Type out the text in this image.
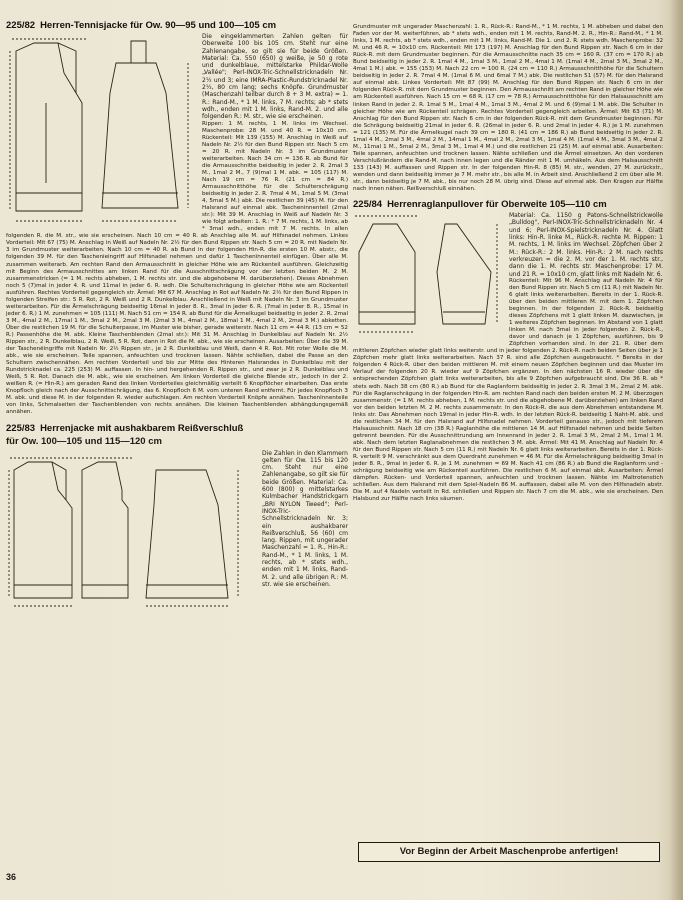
225/82 Herren-Tennisjacke für Ow. 90—95 und 100—105 cm
Die eingeklammerten Zahlen gelten für Oberweite 100 bis 105 cm. Steht nur eine Zahlenangabe, so gilt sie für beide Größen. Material: Ca. 550 (650) g weiße, je 50 g rote und dunkelblaue, mittelstarke Phildar-Wolle „Vallée"; Perl-INOX-Tric-Schnellstricknadeln Nr. 2½ und 3; eine IMRA-Plastic-Rundstricknadel Nr. 2½, 80 cm lang; sechs Knöpfe. Grundmuster (Maschenzahl teilbar durch 8 + 3 M. extra) = 1. R.: Rand-M., * 1 M. links, 7 M. rechts; ab * stets wdh., enden mit 1 M. links, Rand-M. 2. und alle folgenden R.: M. str., wie sie erscheinen.

Rippen: 1 M. rechts, 1 M. links im Wechsel. Maschenprobe: 28 M. und 40 R. = 10x10 cm. Rückenteil: Mit 139 (155) M. Anschlag in Weiß auf Nadeln Nr. 2½ für den Bund Rippen str. Nach 5 cm = 20 R. mit Nadeln Nr. 3 im Grundmuster weiterarbeiten. Nach 34 cm = 136 R. ab Bund für die Armausschnitte beidseitig in jeder 2. R. 2mal 3 M., 1mal 2 M., 7 (9)mal 1 M. abk. = 105 (117) M. Nach 19 cm = 76 R. (21 cm = 84 R.) Armausschnitthöhe für die Schulterschrägung beidseitig in jeder 2. R. 7mal 4 M., 1mal 5 M. (3mal 4, 5mal 5 M.) abk. Die restlichen 39 (45) M. für den Halsrand auf einmal abk. Tascheninnenteil (2mal str.): Mit 39 M. Anschlag in Weiß auf Nadeln Nr. 3 wie folgt arbeiten: 1. R.: * 7 M. rechts, 1 M. links, ab * 3mal wdh., enden mit 7 M. rechts. In allen folgenden R. die M. str., wie sie erscheinen. Nach 10 cm = 40 R. ab Anschlag alle M. auf Hilfsnadel nehmen. Linkes Vorderteil: Mit 67 (75) M. Anschlag in Weiß auf Nadeln Nr. 2½ für den Bund Rippen str. Nach 5 cm = 20 R. mit Nadeln Nr. 3 im Grundmuster weiterarbeiten. Nach 10 cm = 40 R. ab Bund in der folgenden Hin-R. die ersten 10 M. abstr., die folgenden 39 M. für den Taschenieingriff auf Hilfsnadel nehmen und dafür 1 Taschenïnnenteil einfügen. Über alle M. zusammen weiterarb. Am rechten Rand den Armausschnitt in gleicher Höhe wie am Rückenteil ausführen. Gleichzeitig mit Beginn des Armausschnittes am linken Rand für die Ausschnittschrägung vor der letzten beiden M. 2 M. zusammenstricken (= 1 M. rechts abheben, 1 M. rechts str. und die abgehobene M. darüberziehen). Dieses Abnehmen noch 5 (7)mal in jeder 4. R. und 11mal in jeder 6. R. wdh. Die Schulterschrägung in gleicher Höhe wie am Rückenteil ausführen. Rechtes Vorderteil gegengleich str. Ärmel: Mit 67 M. Anschlag in Rot auf Nadeln Nr. 2½ für den Bund Rippen in folgenden Streifen str.: 5 R. Rot, 2 R. Weiß und 2 R. Dunkelblau. Anschließend in Weiß mit Nadeln Nr. 3 im Grundmuster weiterarbeiten. Für die Ärmelschrägung beidseitig 16mal in jeder 8. R., 3mal in jeder 6. R. (7mal in jeder 8. R., 15mal in jeder 6. R.) 1 M. zunehmen = 105 (111) M. Nach 51 cm = 154 R. ab Bund für die Ärmelkugel beidseitig in jeder 2. R. 2mal 3 M., 4mal 2 M., 17mal 1 M., 3mal 2 M., 2mal 3 M. (2mal 3 M., 4mal 2 M., 18mal 1 M., 4mal 2 M., 2mal 3 M.) abketten. Über die restlichen 19 M. für die Schulterpasse, im Muster wie bisher, gerade weiterstr. Nach 11 cm = 44 R. (13 cm = 52 R.) Passenhöhe die M. abk. Kleine Taschenblenden (2mal str.): Mit 31 M. Anschlag in Dunkelblau auf Nadeln Nr. 2½ Rippen str., 2 R. Dunkelblau, 2 R. Weiß, 5 R. Rot, dann in Rot die M. abk., wie sie erscheinen. Ausarbeiten: Über die 39 M. der Taschenëingriffe mit Nadeln Nr. 2½ Rippen str., je 2 R. Dunkelblau und Weiß, dann 4 R. Rot. Mit roter Wolle die M. abk., wie sie erscheinen. Teile spannen, anfeuchten und trocknen lassen. Nähte schließen, dabei die Passe an den Schultern zwischennähen. Am rechten Vorderteil und bis zur Mitte des Hinteren Halsrandes in Dunkelblau mit der Rundstricknadel ca. 225 (253) M. auffassen. In hin- und hergehenden R. Rippen str., und zwar je 2 R. Dunkelblau und Weiß, 5 R. Rot. Danach die M. abk., wie sie erscheinen. Am linken Vorderteil die gleiche Blende str., jedoch in der 2. weißen R. (= Hin-R.) am geraden Rand des linken Vorderteiles gleichmäßig verteilt 6 Knopflöcher einarbeiten. Das erste Knopfloch gleich nach der Ausschnittschrägung, das 6. Knopfloch 6 M. vom unteren Rand entfernt. Für jedes Knopfloch 3 M. abk. und diese M. in der folgenden R. wieder aufschlagen. Am rechten Vorderteil Knöpfe annähen. Taschenïnnenteile von links, Schmalseiten der Taschenblenden von rechts annähen. Die kleinen Taschenblenden abhängdungsgemäß annähen.

225/83 Herrenjacke mit aushakbarem Reißverschluß
für Ow. 100—105 und 115—120 cm
Die Zahlen in den Klammern gelten für Ow. 115 bis 120 cm. Steht nur eine Zahlenangabe, so gilt sie für beide Größen. Material: Ca. 600 (800) g mittelstarkes Kulmbacher Handstrickgarn „BRI NYLON Tweed"; Perl-INOX-Tric-Schnellstricknadeln Nr. 3; ein aushakbarer Reißverschluß, 56 (60) cm lang. Rippen, mit ungerader Maschenzahl = 1. R., Hin-R.: Rand-M., * 1 M. links, 1 M. rechts, ab * stets wdh., enden mit 1 M. links, Rand-M. 2. und alle übrigen R.: M. str. wie sie erscheinen.

Grundmuster mit ungerader Maschenzahl: 1. R., Rück-R.: Rand-M., * 1 M. rechts, 1 M. abheben und dabei den Faden vor der M. weiterführen, ab * stets wdh., enden mit 1 M. rechts, Rand-M. 2. R., Hin-R.: Rand-M., * 1 M. links, 1 M. rechts, ab * stets wdh., enden mit 1 M. links, Rand-M. Die 1. und 2. R. stets wdh. Maschenprobe: 32 M. und 46 R. = 10x10 cm. Rückenteil: Mit 173 (197) M. Anschlag für den Bund Rippen str. Nach 6 cm in der Rück-R. mit dem Grundmuster beginnen. Für die Armausschnitte nach 35 cm = 160 R. (37 cm = 170 R.) ab Bund beidseitig in jeder 2. R. 1mal 4 M., 1mal 3 M., 1mal 2 M., 4mal 1 M. (1mal 4 M., 2mal 3 M., 3mal 2 M., 4mal 1 M.) abk. = 155 (153) M. Nach 22 cm = 100 R. (24 cm = 110 R.) Armausschnitthöhe für die Schultern beidseitig in jeder 2. R. 7mal 4 M. (1mal 6 M. und 6mal 7 M.) abk. Die restlichen 51 (57) M. für den Halsrand auf einmal abk. Linkes Vorderteil: Mit 87 (99) M. Anschlag für den Bund Rippen str. Nach 6 cm in der folgenden Rück-R. mit dem Grundmuster beginnen. Den Armausschnitt am rechten Rand in gleicher Höhe wie am Rückenteil ausführen. Nach 15 cm = 68 R. (17 cm = 78 R.) Armausschnitthöhe für den Halsausschnitt am linken Rand in jeder 2. R. 1mal 5 M., 1mal 4 M., 1mal 3 M., 4mal 2 M. und 6 (9)mal 1 M. abk. Die Schulter in gleicher Höhe wie am Rückenteil schrägen. Rechtes Vorderteil gegengleich arbeiten. Ärmel: Mit 63 (71) M. Anschlag für den Bund Rippen str. Nach 6 cm in der folgenden Rück-R. mit dem Grundmuster beginnen. Für die Schrägung beidseitig 21mal in jeder 6. R. (26mal in jeder 6. R. und 2mal in jeder 4. R.) je 1 M. zunehmen = 121 (135) M. Für die Ärmelkugel nach 39 cm = 180 R. (41 cm = 186 R.) ab Bund beidseitig in jeder 2. R. 1mal 4 M., 2mal 3 M., 4mal 2 M., 14mal 1 M., 4mal 2 M., 2mal 3 M., 1mal 4 M. (1mal 4 M., 3mal 3 M., 4mal 2 M., 11mal 1 M., 5mal 2 M., 3mal 3 M., 1mal 4 M.) und die restlichen 21 (25) M. auf einmal abk. Ausarbeiten: Teile spannen, anfeuchten und trocknen lassen. Nähte schließen und die Ärmel einsetzen. An den vorderen Verschlußrändern die Rand-M. nach innen legen und die Ränder mit 1 M. umhäkeln. Aus dem Halsausschnitt 133 (143) M. auffassen und Rippen str. In der folgenden Hin-R. 8 (85) M. str., wenden, 27 M. zurückstr., wenden und dann beidseitig immer je 7 M. mehr str., bis alle M. in Arbeit sind. Anschließend 2 cm über alle M. str., dann beidseitig je 7 M. abk., bis nur noch 28 M. übrig sind. Diese auf einmal abk. Den Kragen zur Hälfte nach innen nähen. Reißverschluß einnähen.

225/84 Herrenraglanpullover für Oberweite 105—110 cm
Material: Ca. 1150 g Patons-Schnellstrickwolle „Bulldog", Perl-INOX-Tric-Schnellstricknadeln Nr. 4 und 6; Perl-INOX-Spielstricknadeln Nr. 4. Glatt links: Hin-R. linke M., Rück-R. rechte M. Rippen: 1 M. rechts, 1 M. links im Wechsel. Zöpfchen über 2 M.: Rück-R.: 2 M. links. Hin-R.: 2 M. nach rechts verkreuzen = die 2. M. vor der 1. M. rechts str., dann die 1. M. rechts str. Maschenprobe: 17 M. und 21 R. = 10x10 cm, glatt links mit Nadeln Nr. 6.

Rückenteil: Mit 96 M. Anschlag auf Nadeln Nr. 4 für den Bund Rippen str. Nach 5 cm (11 R.) mit Nadeln Nr. 6 glatt links weiterarbeiten. Bereits in der 1. Rück-R. über den beiden mittleren M. mit dem 1. Zöpfchen beginnen. In der folgenden 2. Rück-R. beidseitig dieses Zöpfchens mit 1 glatt linken M. dazwischen, je 1 weiteres Zöpfchen beginnen. Im Abstand von 1 glatt linken M. nach 3mal in jeder folgenden 2. Rück-R., davor und danach je 1 Zöpfchen, ausführen, bis 9 Zöpfchen vorhanden sind. In der 21. R. über dem mittleren Zöpfchen wieder glatt links weiterstr. und in jeder folgenden 2. Rück-R. nach beiden Seiten über je 1 Zöpfchen mehr glatt links weiterarbeiten. Nach 37 R. sind alle Zöpfchen ausgebraucht. * Bereits in der folgenden 4 Rück-R. über den beiden mittleren M. mit einem neuen Zöpfchen beginnen und das Muster im Verlauf der folgenden 20 R. wieder auf 9 Zöpfchen ergänzen. In den nächsten 16 R. wieder über die entsprechenden Zöpfchen glatt links weiterarbeiten, bis alle 9 Zöpfchen aufgebraucht sind. Die 36 R. ab * stets wdh. Nach 38 cm (80 R.) ab Bund für die Raglanform beidseitig in jeder 2. R. 3mal 3 M., 2mal 2 M. abk. Für die Raglanschrägung in der folgenden Hin-R. am rechten Rand nach den beiden ersten M. 2 M. überzogen zusammenstr. (= 1 M. rechts abheben, 1 M. rechts str. und die abgehobene M. darüberziehen) am linken Rand vor den beiden letzten M. 2 M. rechts zusammenstr. In den Rück-R. die aus dem Abnehmen entstandene M. links str. Das Abnehmen noch 19mal in jeder Hin-R. wdh. In der letzten Rück-R. beidseitig 1 Naht-M. abk. und die restlichen 34 M. für den Halsrand auf Hilfsnadel nehmen. Vorderteil genauso str., jedoch mit tieferem Halsausschnitt. Nach 18 cm (38 R.) Raglanhöhe die mittleren 14 M. auf Hilfsnadel nehmen und beide Seiten getrennt beenden. Für die Ausschnittrundung am Innenrand in jeder 2. R. 1mal 3 M., 2mal 2 M., 1mal 1 M. abk. Nach dem letzten Raglanabnehmen die restlichen 3 M. abk. Ärmel: Mit 41 M. Anschlag auf Nadeln Nr. 4 für den Bund Rippen str. Nach 5 cm (11 R.) mit Nadeln Nr. 6 glatt links weiterarbeiten. Bereits in der 1. Rück-R. verteilt 9 M. verschränkt aus dem Querdraht zunehmen = 46 M. Für die Ärmelschrägung beidseitig 3mal in jeder 8. R., 9mal in jeder 6. R. je 1 M. zunehmen = 69 M. Nach 41 cm (86 R.) ab Bund die Raglanform und -schrägung beidseitig wie am Rückenteil ausführen. Die restlichen 6 M. auf einmal abk. Ausarbeiten: Ärmel dämpfen. Rücken- und Vorderteil spannen, anfeuchten und trocknen lassen. Nähte im Maltrotenstich schließen. Aus dem Halsrand mit dem Spiel-Nadeln 86 M. auffassen, dabei alle M. von den Hilfsnadeln abstr. Die M. auf 4 Nadeln verteilt in Rd. schließen und Rippen str. Nach 7 cm die M. abk., wie sie erscheinen. Den Halsbund zur Hälfte nach links säumen.

Vor Beginn der Arbeit Maschenprobe anfertigen!
36
